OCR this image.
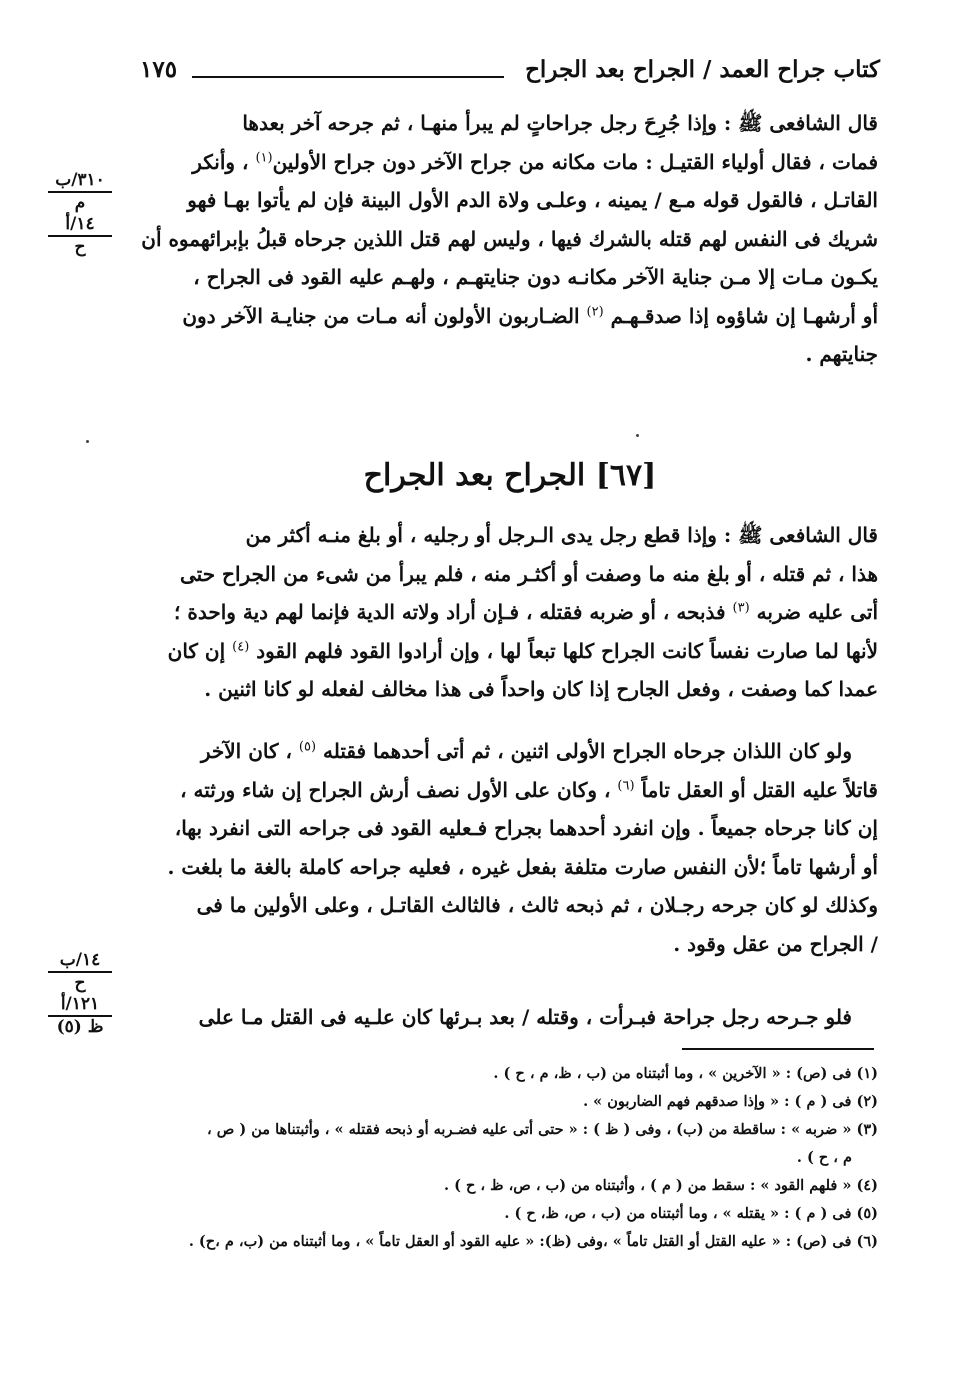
كتاب جراح العمد / الجراح بعد الجراح
١٧٥

قال الشافعى ﷺ : وإذا جُرِحَ رجل جراحاتٍ لم يبرأ منهـا ، ثم جرحه آخر بعدها

فمات ، فقال أولياء القتيـل : مات مكانه من جراح الآخر دون جراح الأولين$^{(١)}$ ، وأنكر

القاتـل ، فالقول قوله مـع / يمينه ، وعلـى ولاة الدم الأول البينة فإن لم يأتوا بهـا فهو

شريك فى النفس لهم قتله بالشرك فيها ، وليس لهم قتل اللذين جرحاه قبلُ بإبرائهموه أن

يكـون مـات إلا مـن جناية الآخر مكانـه دون جنايتهـم ، ولهـم عليه القود فى الجراح ،

أو أرشهـا إن شاؤوه إذا صدقـهـم $^{(٢)}$ الضـاربون الأولون أنه مـات من جنايـة الآخر دون

جنايتهم .

[٦٧] الجراح بعد الجراح

قال الشافعى ﷺ : وإذا قطع رجل يدى الـرجل أو رجليه ، أو بلغ منـه أكثر من

هذا ، ثم قتله ، أو بلغ منه ما وصفت أو أكثـر منه ، فلم يبرأ من شىء من الجراح حتى

أتى عليه ضربه $^{(٣)}$ فذبحه ، أو ضربه فقتله ، فـإن أراد ولاته الدية فإنما لهم دية واحدة ؛

لأنها لما صارت نفساً كانت الجراح كلها تبعاً لها ، وإن أرادوا القود فلهم القود $^{(٤)}$ إن كان

عمدا كما وصفت ، وفعل الجارح إذا كان واحداً فى هذا مخالف لفعله لو كانا اثنين .

ولو كان اللذان جرحاه الجراح الأولى اثنين ، ثم أتى أحدهما فقتله $^{(٥)}$ ، كان الآخر

قاتلاً عليه القتل أو العقل تاماً $^{(٦)}$ ، وكان على الأول نصف أرش الجراح إن شاء ورثته ،

إن كانا جرحاه جميعاً . وإن انفرد أحدهما بجراح فـعليه القود فى جراحه التى انفرد بها،

أو أرشها تاماً ؛لأن النفس صارت متلفة بفعل غيره ، فعليه جراحه كاملة بالغة ما بلغت .

وكذلك لو كان جرحه رجـلان ، ثم ذبحه ثالث ، فالثالث القاتـل ، وعلى الأولين ما فى

/ الجراح من عقل وقود .

فلو جـرحه رجل جراحة فبـرأت ، وقتله / بعد بـرئها كان علـيه فى القتل مـا على

٣١٠/ب
م
١٤/أ
ح
١٤/ب
ح
١٢١/أ
ظ (٥)

(١) فى (ص) : « الآخرين » ، وما أثبتناه من (ب ، ظ، م ، ح ) .

(٢) فى ( م ) : « وإذا صدقهم فهم الضاربون » .

(٣) « ضربه » : ساقطة من (ب) ، وفى ( ظ ) : « حتى أتى عليه فضـربه أو ذبحه فقتله » ، وأثبتناها من ( ص ،

م ، ح ) .

(٤) « فلهم القود » : سقط من ( م ) ، وأثبتناه من (ب ، ص، ظ ، ح ) .

(٥) فى ( م ) : « يقتله » ، وما أثبتناه من (ب ، ص، ظ، ح ) .

(٦) فى (ص) : « عليه القتل أو القتل تاماً » ،وفى (ظ): « عليه القود أو العقل تاماً » ، وما أثبتناه من (ب، م ،ح) .
